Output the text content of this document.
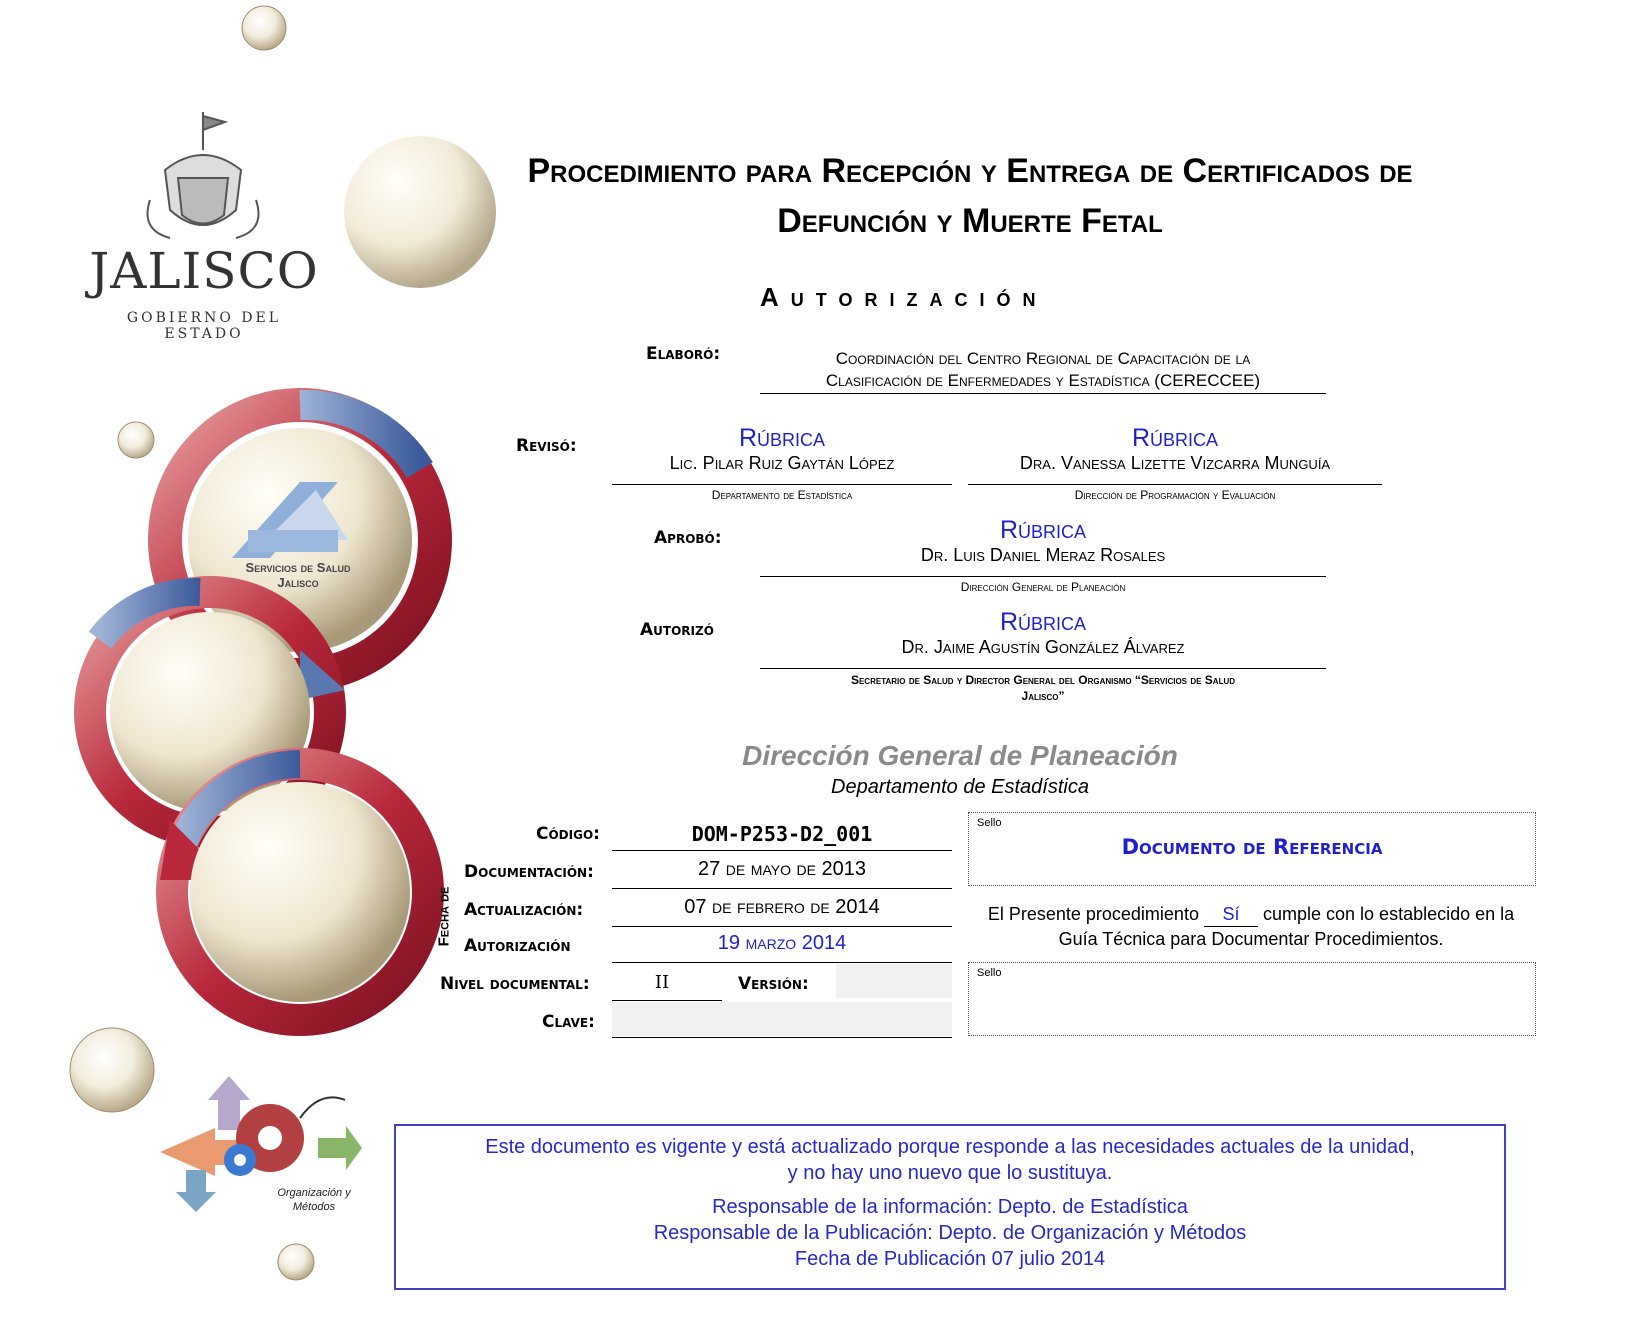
JALISCO
GOBIERNO DEL ESTADO
Servicios de Salud
Jalisco
Organización y
Métodos
Procedimiento para Recepción y Entrega de Certificados de
Defunción y Muerte Fetal
Autorización
Elaboró:	Coordinación del Centro Regional de Capacitación de la
Clasificación de Enfermedades y Estadística (CERECCEE)
Revisó:	Rúbrica
Lic. Pilar Ruiz Gaytán López
Departamento de Estadística
Rúbrica
Dra. Vanessa Lizette Vizcarra Munguía
Dirección de Programación y Evaluación
Aprobó:	Rúbrica
Dr. Luis Daniel Meraz Rosales
Dirección General de Planeación
Autorizó	Rúbrica
Dr. Jaime Agustín González Álvarez
Secretario de Salud y Director General del Organismo “Servicios de Salud
Jalisco”
Dirección General de Planeación
Departamento de Estadística
Código:	DOM-P253-D2_001
Fecha de
Documentación:	27 de mayo de 2013
Actualización:	07 de febrero de 2014
Autorización	19 marzo 2014
Nivel documental:	II	Versión:
Clave:
Sello
Documento de Referencia
El Presente procedimiento Sí cumple con lo establecido en la
Guía Técnica para Documentar Procedimientos.
Sello

Este documento es vigente y está actualizado porque responde a las necesidades actuales de la unidad,

y no hay uno nuevo que lo sustituya.

Responsable de la información: Depto. de Estadística

Responsable de la Publicación: Depto. de Organización y Métodos

Fecha de Publicación 07 julio 2014
